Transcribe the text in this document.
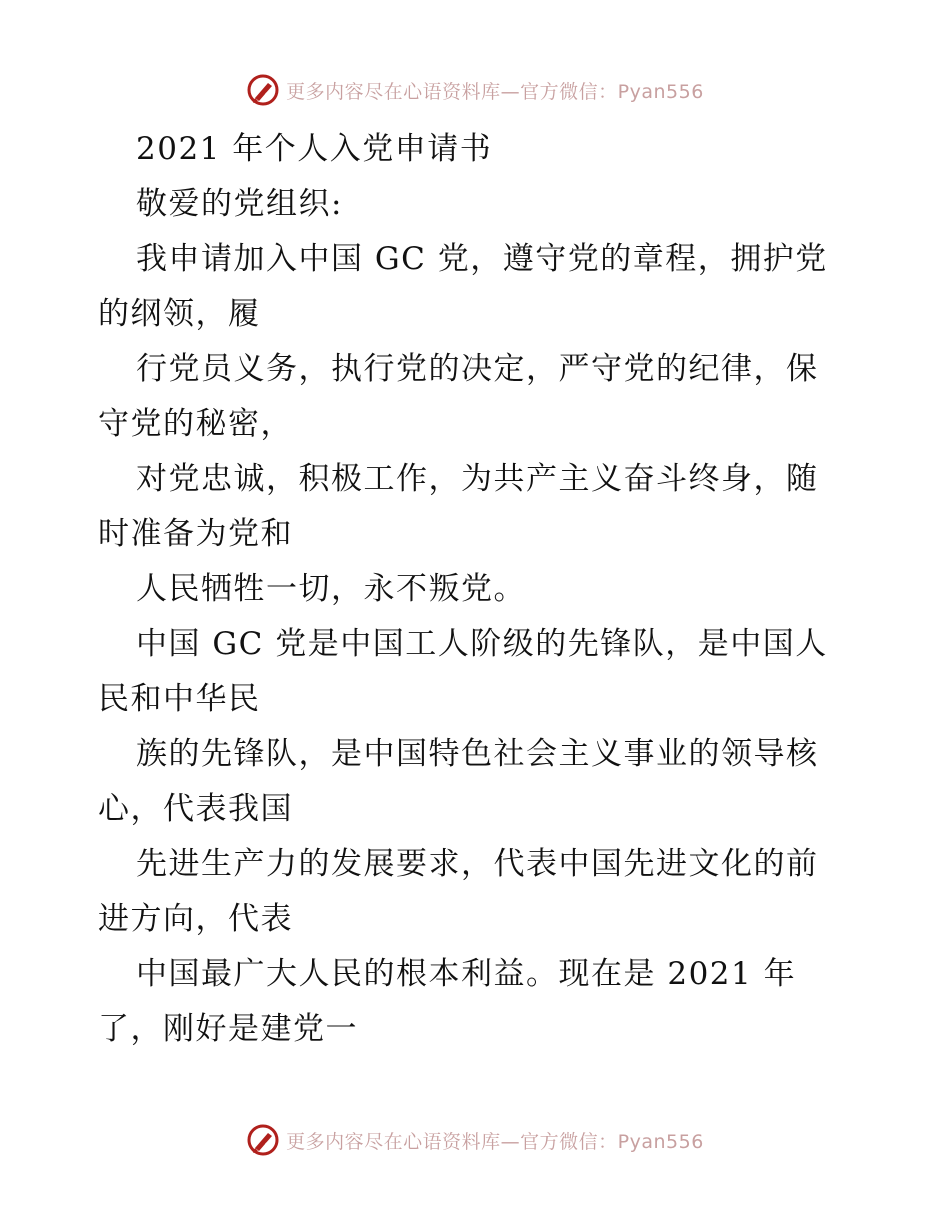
更多内容尽在心语资料库—官方微信：Pyan556

2021 年个人入党申请书

敬爱的党组织:

我申请加入中国 GC 党，遵守党的章程，拥护党

的纲领，履

行党员义务，执行党的决定，严守党的纪律，保

守党的秘密，

对党忠诚，积极工作，为共产主义奋斗终身，随

时准备为党和

人民牺牲一切，永不叛党。

中国 GC 党是中国工人阶级的先锋队，是中国人

民和中华民

族的先锋队，是中国特色社会主义事业的领导核

心，代表我国

先进生产力的发展要求，代表中国先进文化的前

进方向，代表

中国最广大人民的根本利益。现在是 2021 年

了，刚好是建党一

更多内容尽在心语资料库—官方微信：Pyan556
